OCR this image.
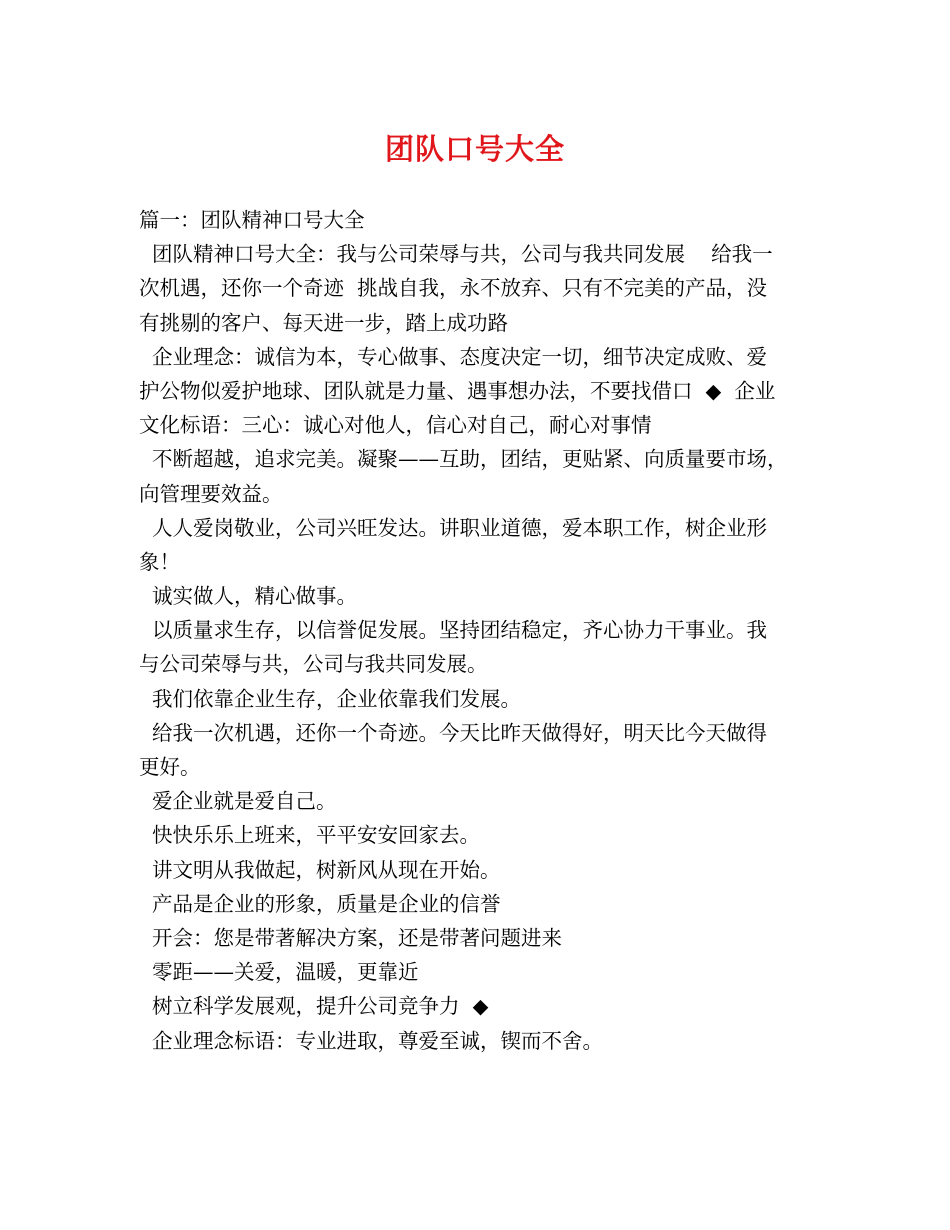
团队口号大全
篇一：团队精神口号大全
团队精神口号大全：我与公司荣辱与共，公司与我共同发展    给我一
次机遇，还你一个奇迹  挑战自我，永不放弃、只有不完美的产品，没
有挑剔的客户、每天进一步，踏上成功路
企业理念：诚信为本，专心做事、态度决定一切，细节决定成败、爱
护公物似爱护地球、团队就是力量、遇事想办法，不要找借口  ◆  企业
文化标语：三心：诚心对他人，信心对自己，耐心对事情
不断超越，追求完美。凝聚——互助，团结，更贴紧、向质量要市场，
向管理要效益。
人人爱岗敬业，公司兴旺发达。讲职业道德，爱本职工作，树企业形
象！
诚实做人，精心做事。
以质量求生存，以信誉促发展。坚持团结稳定，齐心协力干事业。我
与公司荣辱与共，公司与我共同发展。
我们依靠企业生存，企业依靠我们发展。
给我一次机遇，还你一个奇迹。今天比昨天做得好，明天比今天做得
更好。
爱企业就是爱自己。
快快乐乐上班来，平平安安回家去。
讲文明从我做起，树新风从现在开始。
产品是企业的形象，质量是企业的信誉
开会：您是带著解决方案，还是带著问题进来
零距——关爱，温暖，更靠近
树立科学发展观，提升公司竞争力  ◆
企业理念标语：专业进取，尊爱至诚，锲而不舍。
